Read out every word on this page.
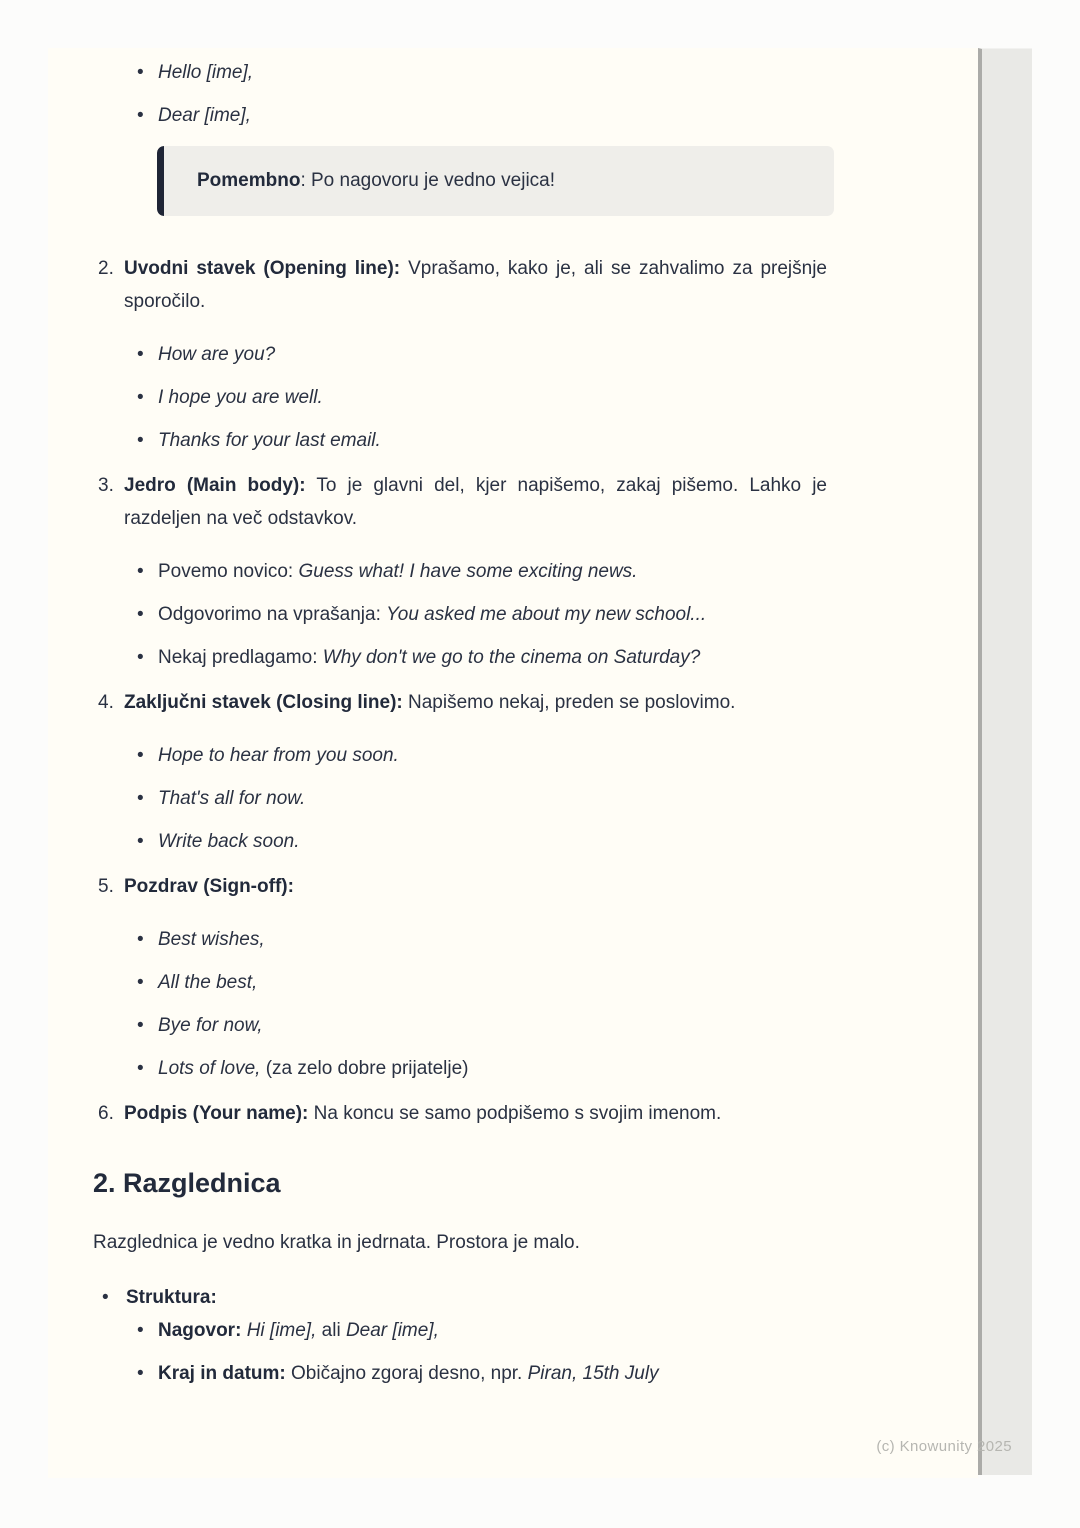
• Hello [ime],
• Dear [ime],
Pomembno: Po nagovoru je vedno vejica!
2. Uvodni stavek (Opening line): Vprašamo, kako je, ali se zahvalimo za prejšnje sporočilo.

• How are you?
• I hope you are well.
• Thanks for your last email.
3. Jedro (Main body): To je glavni del, kjer napišemo, zakaj pišemo. Lahko je razdeljen na več odstavkov.

• Povemo novico: Guess what! I have some exciting news.
• Odgovorimo na vprašanja: You asked me about my new school...
• Nekaj predlagamo: Why don't we go to the cinema on Saturday?
4. Zaključni stavek (Closing line): Napišemo nekaj, preden se poslovimo.

• Hope to hear from you soon.
• That's all for now.
• Write back soon.
5. Pozdrav (Sign-off):

• Best wishes,
• All the best,
• Bye for now,
• Lots of love, (za zelo dobre prijatelje)
6. Podpis (Your name): Na koncu se samo podpišemo s svojim imenom.

2. Razglednica

Razglednica je vedno kratka in jedrnata. Prostora je malo.

• Struktura:
• Nagovor: Hi [ime], ali Dear [ime],
• Kraj in datum: Običajno zgoraj desno, npr. Piran, 15th July
(c) Knowunity 2025
